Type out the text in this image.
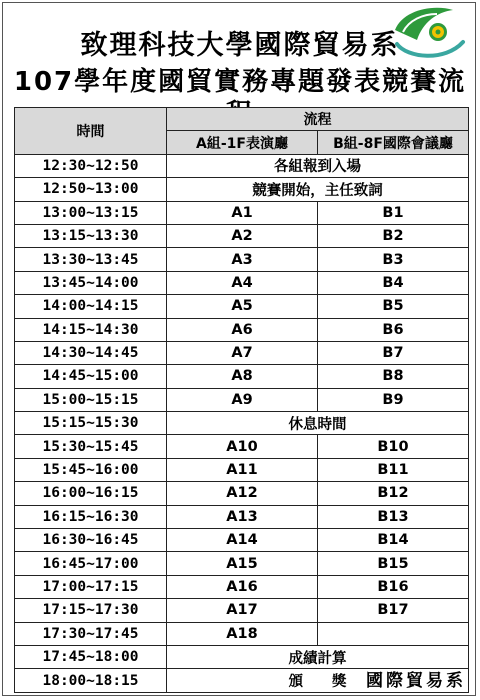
致理科技大學國際貿易系
107學年度國貿實務專題發表競賽流
時間	流程	
	A組-1F表演廳	B組-8F國際會議廳
12:30~12:50	各組報到入場	
12:50~13:00	競賽開始，主任致詞	
13:00~13:15	A1	B1
13:15~13:30	A2	B2
13:30~13:45	A3	B3
13:45~14:00	A4	B4
14:00~14:15	A5	B5
14:15~14:30	A6	B6
14:30~14:45	A7	B7
14:45~15:00	A8	B8
15:00~15:15	A9	B9
15:15~15:30	休息時間	
15:30~15:45	A10	B10
15:45~16:00	A11	B11
16:00~16:15	A12	B12
16:15~16:30	A13	B13
16:30~16:45	A14	B14
16:45~17:00	A15	B15
17:00~17:15	A16	B16
17:15~17:30	A17	B17
17:30~17:45	A18	
17:45~18:00	成績計算	
18:00~18:15	頒　　獎	國際貿易系
